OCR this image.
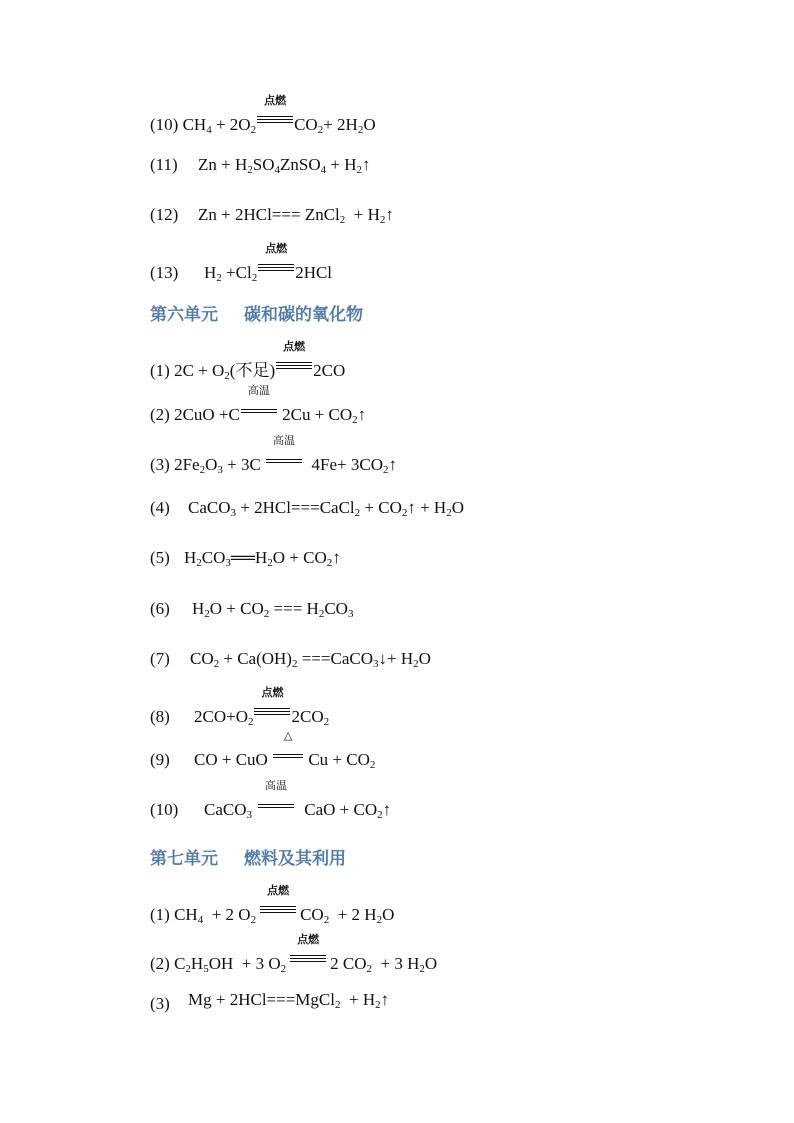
(10) $CH_4 + 2O_2$
点燃
$CO_2+ 2H_2O$
(11) $Zn + H_2SO_4ZnSO_4$ + $H_2↑$
(12) Zn + 2HCl=== ZnCl$_2$  + $H_2↑$
(13) $H_2 +Cl_2$
点燃
2HCl
第六单元 碳和碳的氧化物
(1) $2C + O_2$(不足)
点燃
2CO
(2) 2CuO +C
高温
$2Cu + CO_2↑$
(3) $2Fe_2O_3 + 3C$
高温
$4Fe+ 3CO_2↑$
(4) CaCO$_3$ + 2HCl===CaCl$_2$ + $CO_2↑ + H_2O$
(5) $H_2CO_3══H_2O$ + $CO_2↑$
(6) $H_2O + CO_2$ === $H_2CO_3$
(7) $CO_2 + Ca(OH)_2$ ===CaCO$_3$↓+ $H_2O$
(8) $2CO+O_2$
点燃
$2CO_2$
(9) CO + CuO
△
$Cu + CO_2$
(10) CaCO$_3$
高温
CaO + $CO_2↑$
第七单元 燃料及其利用
(1) $CH_4 + 2$ $O_2$
点燃
$CO_2 + 2$ $H_2O$
(2) $C_2H_5OH + 3$ $O_2$
点燃
2 $CO_2 + 3$ $H_2O$
(3) Mg + 2HCl===MgCl$_2$  + $H_2↑$
